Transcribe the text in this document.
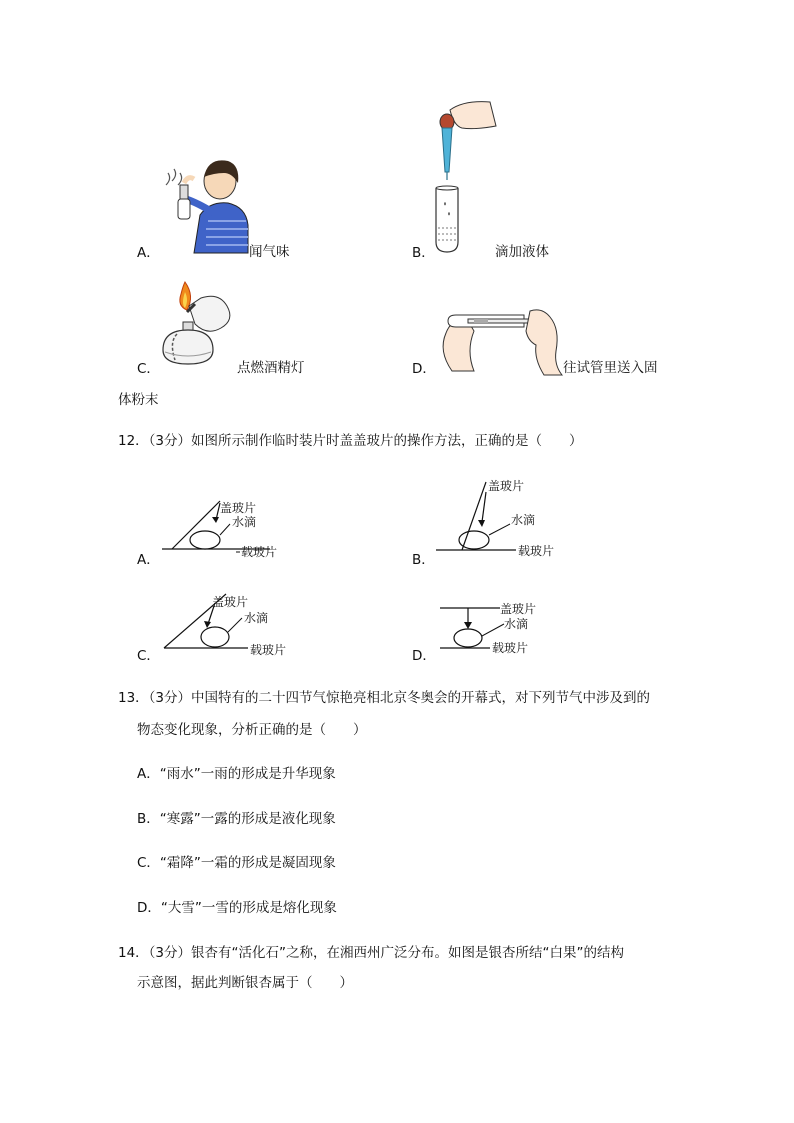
A．	闻气味	B．	滴加液体
C．	点燃酒精灯	D．	往试管里送入固
体粉末
12．（3分）如图所示制作临时装片时盖盖玻片的操作方法，正确的是（　　）
A．
盖玻片
水滴
载玻片	B．
盖玻片
水滴
载玻片
C．
盖玻片
水滴
载玻片	D．
盖玻片
水滴
载玻片
13．（3分）中国特有的二十四节气惊艳亮相北京冬奥会的开幕式，对下列节气中涉及到的
物态变化现象，分析正确的是（　　）
A．“雨水”一雨的形成是升华现象
B．“寒露”一露的形成是液化现象
C．“霜降”一霜的形成是凝固现象
D．“大雪”一雪的形成是熔化现象
14．（3分）银杏有“活化石”之称，在湘西州广泛分布。如图是银杏所结“白果”的结构
示意图，据此判断银杏属于（　　）
